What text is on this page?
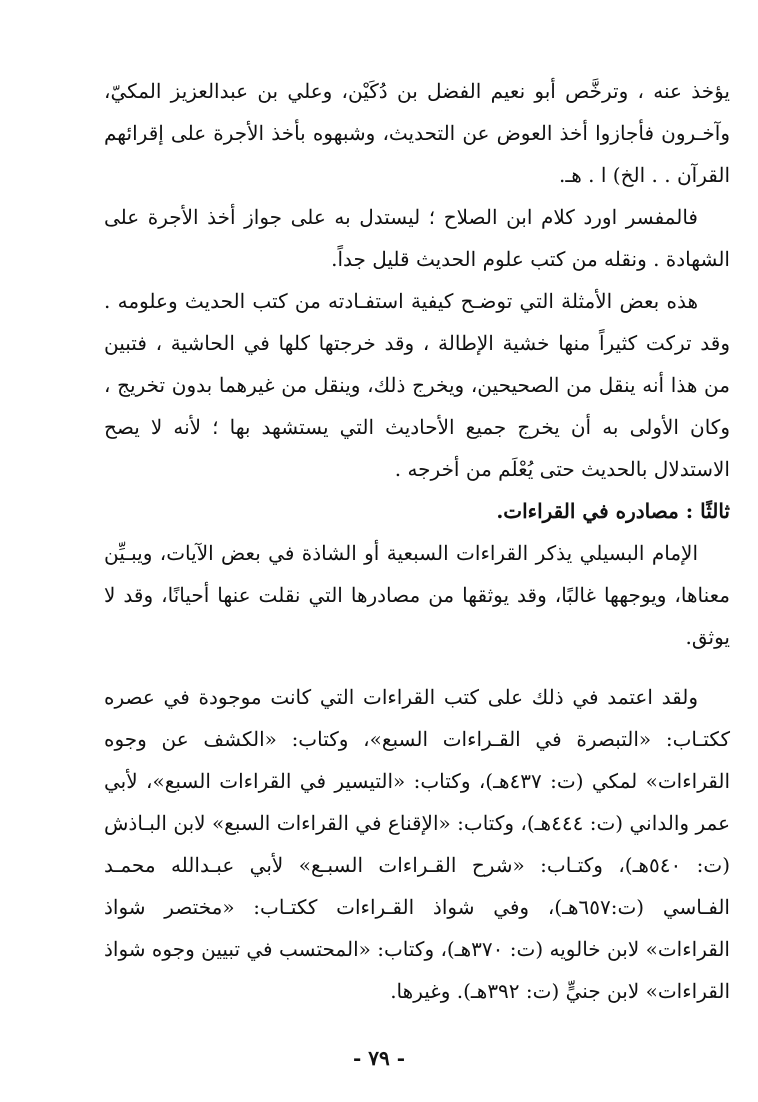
يؤخذ عنه ، وترخَّص أبو نعيم الفضل بن دُكَيْن، وعلي بن عبدالعزيز المكيّ، وآخـرون فأجازوا أخذ العوض عن التحديث، وشبهوه بأخذ الأجرة على إقرائهم القرآن . . الخ) ا . هـ.

فالمفسر اورد كلام ابن الصلاح ؛ ليستدل به على جواز أخذ الأجرة على الشهادة . ونقله من كتب علوم الحديث قليل جداً.

هذه بعض الأمثلة التي توضـح كيفية استفـادته من كتب الحديث وعلومه . وقد تركت كثيراً منها خشية الإطالة ، وقد خرجتها كلها في الحاشية ، فتبين من هذا أنه ينقل من الصحيحين، ويخرج ذلك، وينقل من غيرهما بدون تخريج ، وكان الأولى به أن يخرج جميع الأحاديث التي يستشهد بها ؛ لأنه لا يصح الاستدلال بالحديث حتى يُعْلَم من أخرجه .

ثالثًا : مصادره في القراءات.

الإمام البسيلي يذكر القراءات السبعية أو الشاذة في بعض الآيات، ويبـيِّن معناها، ويوجهها غالبًا، وقد يوثقها من مصادرها التي نقلت عنها أحيانًا، وقد لا يوثق.

ولقد اعتمد في ذلك على كتب القراءات التي كانت موجودة في عصره ككتـاب: «التبصرة في القـراءات السبع»، وكتاب: «الكشف عن وجوه القراءات» لمكي (ت: ٤٣٧هـ)، وكتاب: «التيسير في القراءات السبع»، لأبي عمر والداني (ت: ٤٤٤هـ)، وكتاب: «الإقناع في القراءات السبع» لابن البـاذش (ت: ٥٤٠هـ)، وكتـاب: «شرح القـراءات السبـع» لأبي عبـدالله محمـد الفـاسي (ت:٦٥٧هـ)، وفي شواذ القـراءات ككتـاب: «مختصر شواذ القراءات» لابن خالويه (ت: ٣٧٠هـ)، وكتاب: «المحتسب في تبيين وجوه شواذ القراءات» لابن جنيٍّ (ت: ٣٩٢هـ). وغيرها.

- ٧٩ -
